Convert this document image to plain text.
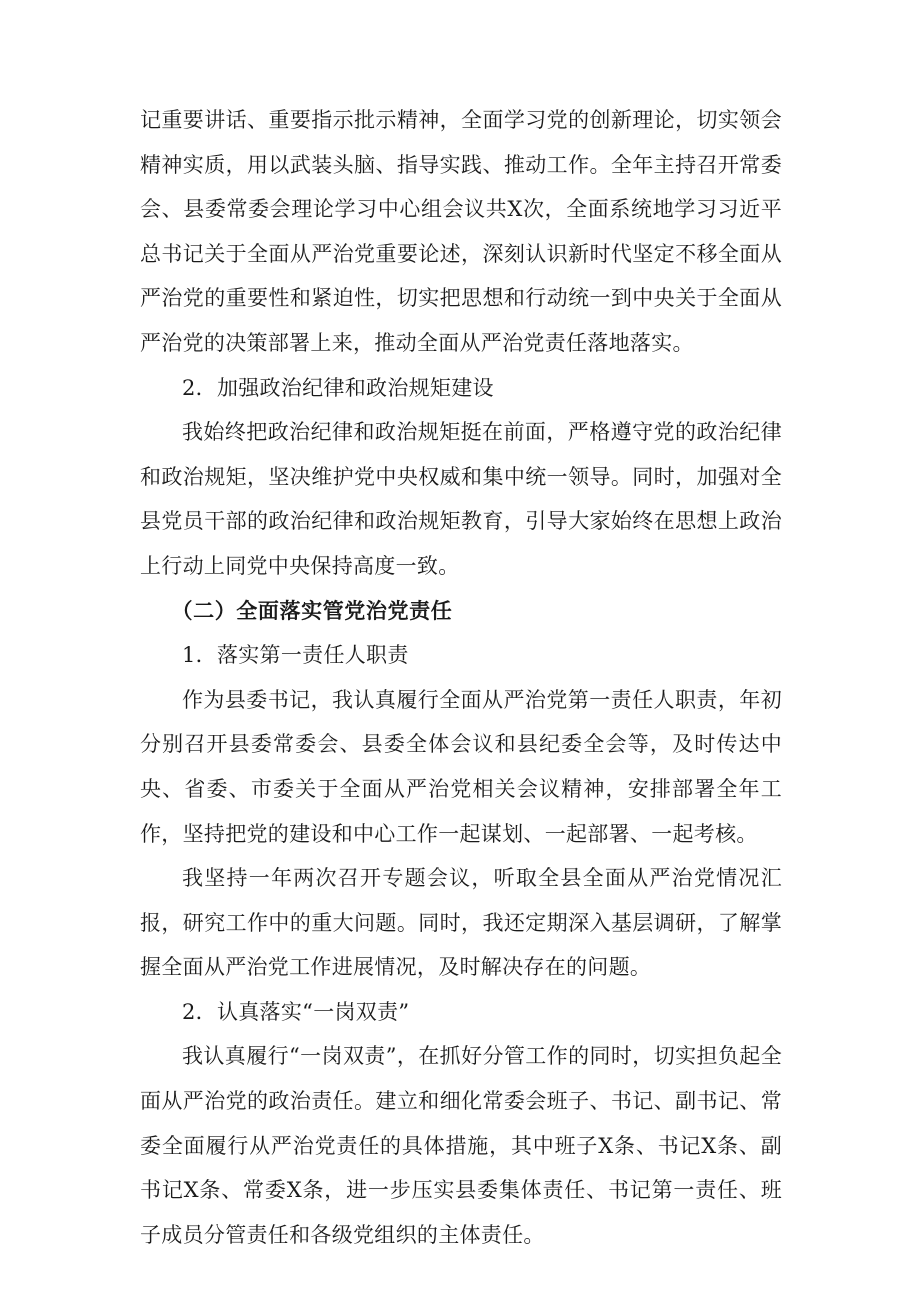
记重要讲话、重要指示批示精神，全面学习党的创新理论，切实领会精神实质，用以武装头脑、指导实践、推动工作。全年主持召开常委会、县委常委会理论学习中心组会议共X次，全面系统地学习习近平总书记关于全面从严治党重要论述，深刻认识新时代坚定不移全面从严治党的重要性和紧迫性，切实把思想和行动统一到中央关于全面从严治党的决策部署上来，推动全面从严治党责任落地落实。

2．加强政治纪律和政治规矩建设

我始终把政治纪律和政治规矩挺在前面，严格遵守党的政治纪律和政治规矩，坚决维护党中央权威和集中统一领导。同时，加强对全县党员干部的政治纪律和政治规矩教育，引导大家始终在思想上政治上行动上同党中央保持高度一致。

（二）全面落实管党治党责任

1．落实第一责任人职责

作为县委书记，我认真履行全面从严治党第一责任人职责，年初分别召开县委常委会、县委全体会议和县纪委全会等，及时传达中央、省委、市委关于全面从严治党相关会议精神，安排部署全年工作，坚持把党的建设和中心工作一起谋划、一起部署、一起考核。

我坚持一年两次召开专题会议，听取全县全面从严治党情况汇报，研究工作中的重大问题。同时，我还定期深入基层调研，了解掌握全面从严治党工作进展情况，及时解决存在的问题。

2．认真落实“一岗双责”

我认真履行“一岗双责”，在抓好分管工作的同时，切实担负起全面从严治党的政治责任。建立和细化常委会班子、书记、副书记、常委全面履行从严治党责任的具体措施，其中班子X条、书记X条、副书记X条、常委X条，进一步压实县委集体责任、书记第一责任、班子成员分管责任和各级党组织的主体责任。
